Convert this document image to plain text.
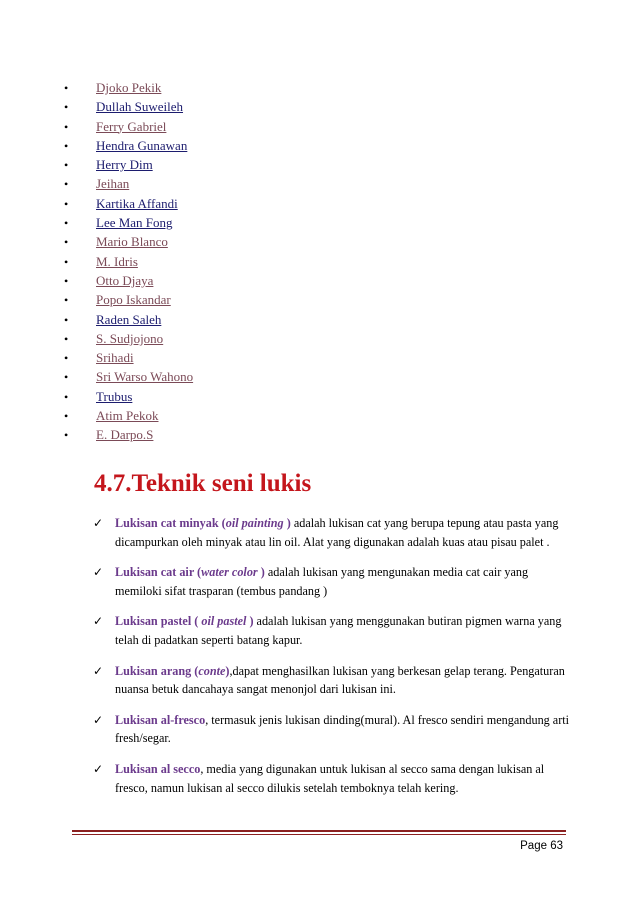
• Djoko Pekik
• Dullah Suweileh
• Ferry Gabriel
• Hendra Gunawan
• Herry Dim
• Jeihan
• Kartika Affandi
• Lee Man Fong
• Mario Blanco
• M. Idris
• Otto Djaya
• Popo Iskandar
• Raden Saleh
• S. Sudjojono
• Srihadi
• Sri Warso Wahono
• Trubus
• Atim Pekok
• E. Darpo.S
4.7.Teknik seni lukis
✓ Lukisan cat minyak (oil painting ) adalah lukisan cat yang berupa tepung atau pasta yang dicampurkan oleh minyak atau lin oil. Alat yang digunakan adalah kuas atau pisau palet .
✓ Lukisan cat air (water color ) adalah lukisan yang mengunakan media cat cair yang memiloki sifat trasparan (tembus pandang )
✓ Lukisan pastel ( oil pastel ) adalah lukisan yang menggunakan butiran pigmen warna yang telah di padatkan seperti batang kapur.
✓ Lukisan arang (conte),dapat menghasilkan lukisan yang berkesan gelap terang. Pengaturan nuansa betuk dancahaya sangat menonjol dari lukisan ini.
✓ Lukisan al-fresco, termasuk jenis lukisan dinding(mural). Al fresco sendiri mengandung arti fresh/segar.
✓ Lukisan al secco, media yang digunakan untuk lukisan al secco sama dengan lukisan al fresco, namun lukisan al secco dilukis setelah temboknya telah kering.
Page 63
